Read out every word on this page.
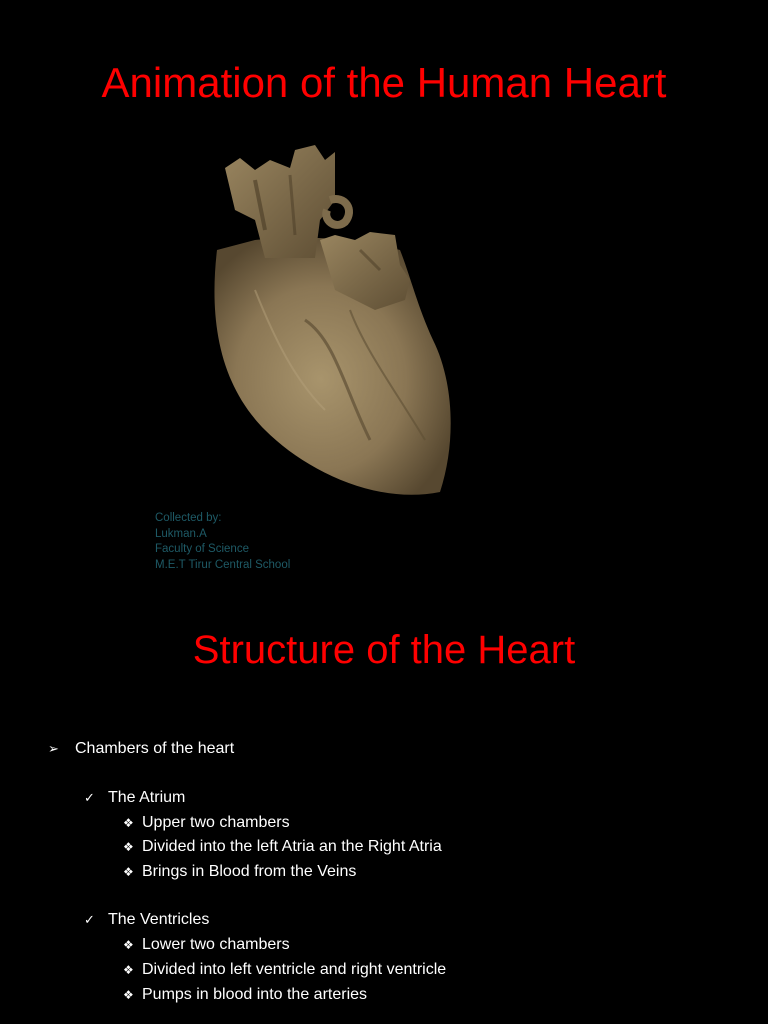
Animation of the Human Heart
Collected by:
Lukman.A
Faculty of Science
M.E.T Tirur Central School
Structure of the Heart
➢ Chambers of the heart
✓ The Atrium
❖ Upper two chambers
❖ Divided into the left Atria an the Right Atria
❖ Brings in Blood from the Veins
✓ The Ventricles
❖ Lower two chambers
❖ Divided into left ventricle and right ventricle
❖ Pumps in blood into the arteries
